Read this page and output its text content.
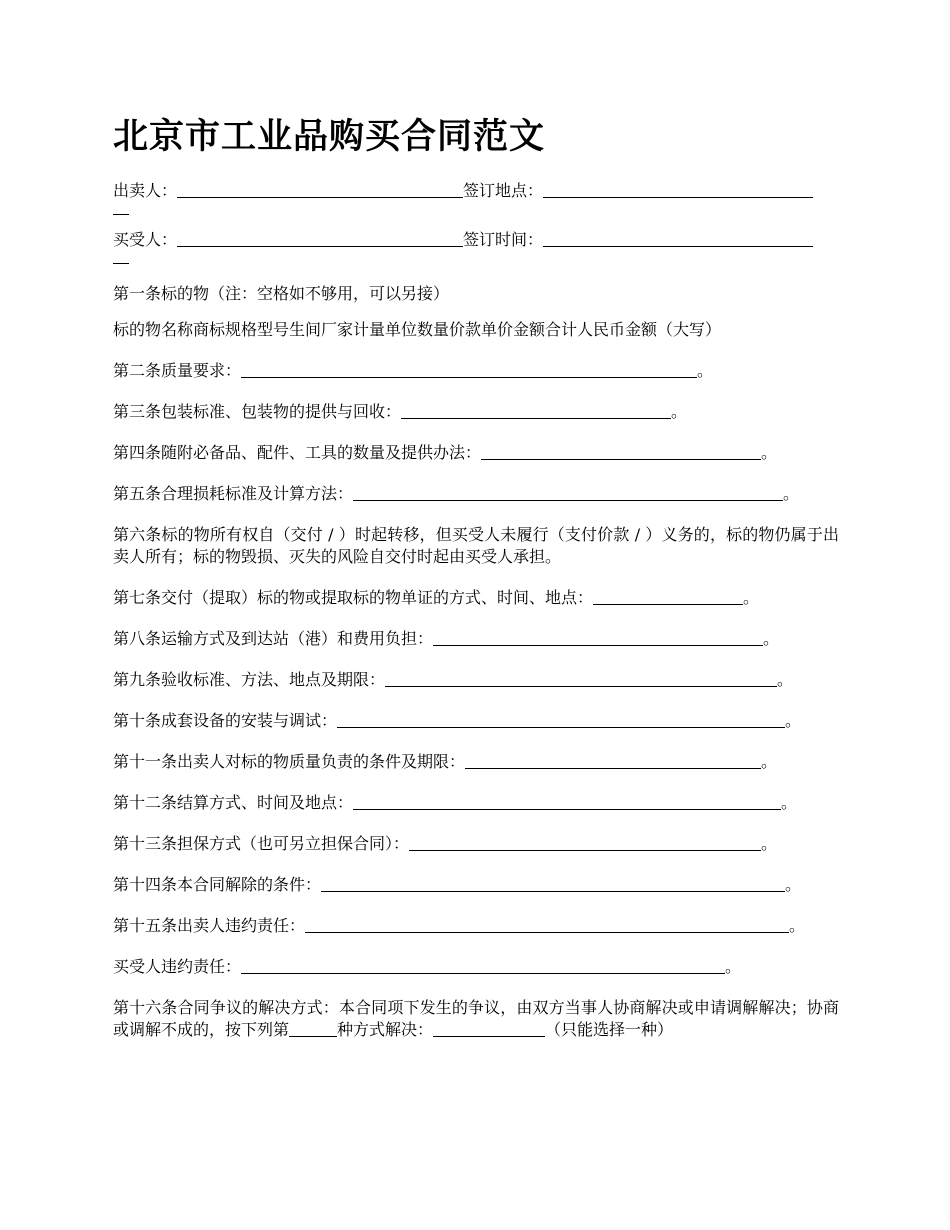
北京市工业品购买合同范文
出卖人：	签订地点：
买受人：	签订时间：
第一条标的物（注：空格如不够用，可以另接）
标的物名称商标规格型号生间厂家计量单位数量价款单价金额合计人民币金额（大写）
第二条质量要求：	。
第三条包装标准、包装物的提供与回收：	。
第四条随附必备品、配件、工具的数量及提供办法：	。
第五条合理损耗标准及计算方法：	。
第六条标的物所有权自（交付 / ）时起转移，但买受人未履行（支付价款 / ）义务的，标的物仍属于出卖人所有；标的物毁损、灭失的风险自交付时起由买受人承担。
第七条交付（提取）标的物或提取标的物单证的方式、时间、地点：	。
第八条运输方式及到达站（港）和费用负担：	。
第九条验收标准、方法、地点及期限：	。
第十条成套设备的安装与调试：	。
第十一条出卖人对标的物质量负责的条件及期限：	。
第十二条结算方式、时间及地点：	。
第十三条担保方式（也可另立担保合同）：	。
第十四条本合同解除的条件：	。
第十五条出卖人违约责任：	。
买受人违约责任：	。
第十六条合同争议的解决方式：本合同项下发生的争议，由双方当事人协商解决或申请调解解决；协商或调解不成的，按下列第	种方式解决：	（只能选择一种）
